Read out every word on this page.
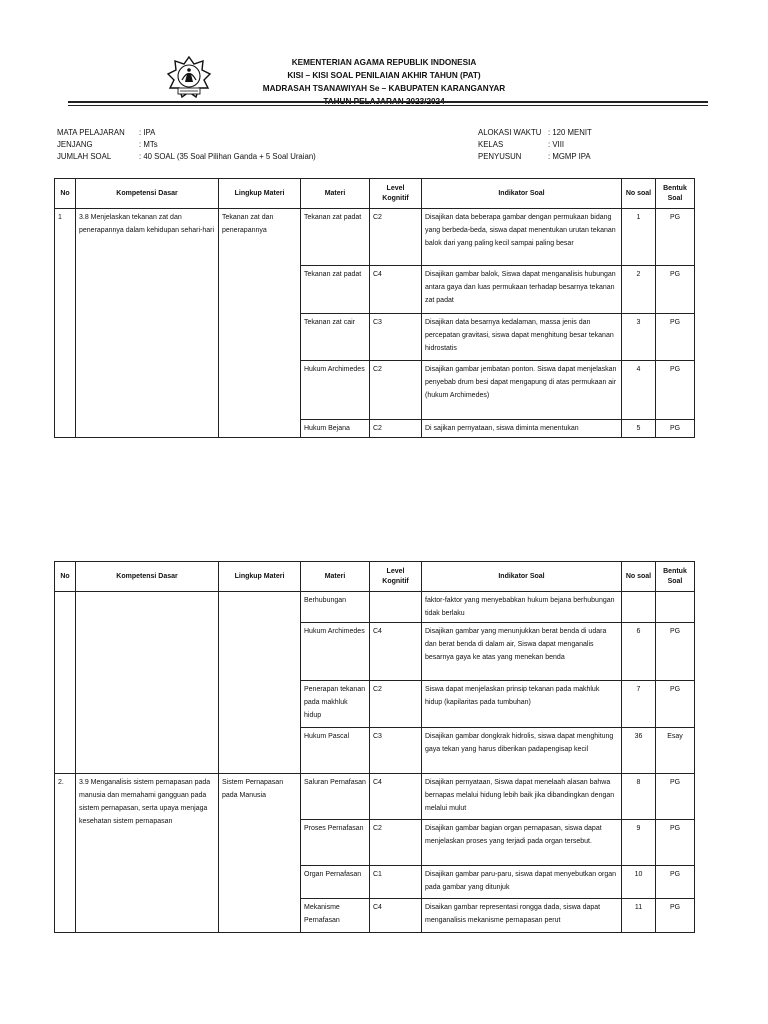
KEMENTERIAN AGAMA REPUBLIK INDONESIA
KISI – KISI SOAL PENILAIAN AKHIR TAHUN (PAT)
MADRASAH TSANAWIYAH Se – KABUPATEN KARANGANYAR
MATA PELAJARAN	: IPA
JENJANG	: MTs
JUMLAH SOAL	: 40 SOAL (35 Soal Pilihan Ganda + 5 Soal Uraian)
ALOKASI WAKTU : 120 MENIT
KELAS	: VIII
PENYUSUN	: MGMP IPA
No	Kompetensi Dasar	Lingkup Materi	Materi	Level Kognitif	Indikator Soal	No soal	Bentuk Soal
1	3.8 Menjelaskan tekanan zat dan penerapannya dalam kehidupan sehari-hari	Tekanan zat dan penerapannya	Tekanan zat padat	C2	Disajikan data beberapa gambar dengan permukaan bidang yang berbeda-beda, siswa dapat menentukan urutan tekanan balok dari yang paling kecil sampai paling besar	1	PG
			Tekanan zat padat	C4	Disajikan gambar balok, Siswa dapat menganalisis hubungan antara gaya dan luas permukaan terhadap besarnya tekanan zat padat	2	PG
			Tekanan zat cair	C3	Disajikan data besarnya kedalaman, massa jenis dan percepatan gravitasi, siswa dapat menghitung besar tekanan hidrostatis	3	PG
			Hukum Archimedes	C2	Disajikan gambar jembatan ponton. Siswa dapat menjelaskan penyebab drum besi dapat mengapung di atas permukaan air (hukum Archimedes)	4	PG
			Hukum Bejana	C2	Di sajikan pernyataan, siswa diminta menentukan	5	PG
No	Kompetensi Dasar	Lingkup Materi	Materi	Level Kognitif	Indikator Soal	No soal	Bentuk Soal
			Berhubungan		faktor-faktor yang menyebabkan hukum bejana berhubungan tidak berlaku		
			Hukum Archimedes	C4	Disajikan gambar yang menunjukkan berat benda di udara dan berat benda di dalam air, Siswa dapat menganalis besarnya gaya ke atas yang menekan benda	6	PG
			Penerapan tekanan pada makhluk hidup	C2	Siswa dapat menjelaskan prinsip tekanan pada makhluk hidup (kapilaritas pada tumbuhan)	7	PG
			Hukum Pascal	C3	Disajikan gambar dongkrak hidrolis, siswa dapat menghitung gaya tekan yang harus diberikan padapengisap kecil	36	Esay
2.	3.9 Menganalisis sistem pernapasan pada manusia dan memahami gangguan pada sistem pernapasan, serta upaya menjaga kesehatan sistem pernapasan	Sistem Pernapasan pada Manusia	Saluran Pernafasan	C4	Disajikan pernyataan, Siswa dapat menelaah alasan bahwa bernapas melalui hidung lebih baik jika dibandingkan dengan melalui mulut	8	PG
			Proses Pernafasan	C2	Disajikan gambar bagian organ pernapasan, siswa dapat menjelaskan proses yang terjadi pada organ tersebut.	9	PG
			Organ Pernafasan	C1	Disajikan gambar paru-paru, siswa dapat menyebutkan organ pada gambar yang ditunjuk	10	PG
			Mekanisme Pernafasan	C4	Disaikan gambar representasi rongga dada, siswa dapat menganalisis mekanisme pernapasan perut	11	PG
